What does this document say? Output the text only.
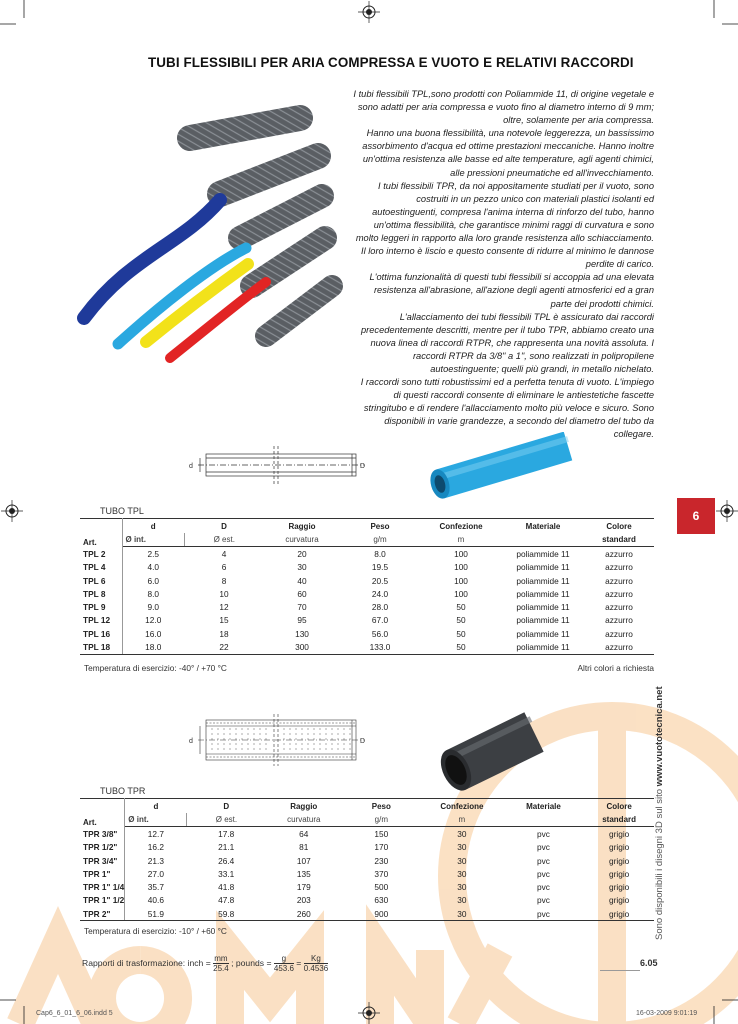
TUBI FLESSIBILI PER ARIA COMPRESSA E VUOTO E RELATIVI RACCORDI

I tubi flessibili TPL,sono prodotti con Poliammide 11, di origine vegetale e sono adatti per aria compressa e vuoto fino al diametro interno di 9 mm; oltre, solamente per aria compressa.

Hanno una buona flessibilità, una notevole leggerezza, un bassissimo assorbimento d'acqua ed ottime prestazioni meccaniche. Hanno inoltre un'ottima resistenza alle basse ed alte temperature, agli agenti chimici, alle pressioni pneumatiche ed all'invecchiamento.

I tubi flessibili TPR, da noi appositamente studiati per il vuoto, sono costruiti in un pezzo unico con materiali plastici isolanti ed autoestinguenti, compresa l'anima interna di rinforzo del tubo, hanno un'ottima flessibilità, che garantisce minimi raggi di curvatura e sono molto leggeri in rapporto alla loro grande resistenza allo schiacciamento.

Il loro interno è liscio e questo consente di ridurre al minimo le dannose perdite di carico.

L'ottima funzionalità di questi tubi flessibili si accoppia ad una elevata resistenza all'abrasione, all'azione degli agenti atmosferici ed a gran parte dei prodotti chimici.

L'allacciamento dei tubi flessibili TPL è assicurato dai raccordi precedentemente descritti, mentre per il tubo TPR, abbiamo creato una nuova linea di raccordi RTPR, che rappresenta una novità assoluta. I raccordi RTPR da 3/8" a 1", sono realizzati in polipropilene autoestinguente; quelli più grandi, in metallo nichelato.

I raccordi sono tutti robustissimi ed a perfetta tenuta di vuoto. L'impiego di questi raccordi consente di eliminare le antiestetiche fascette stringitubo e di rendere l'allacciamento molto più veloce e sicuro. Sono disponibili in varie grandezze, a secondo del diametro del tubo da collegare.

6
d	D
TUBO TPL
Art.	d	D	Raggio	Peso	Confezione	Materiale	Colore
	Ø int.	Ø est.	curvatura	g/m	m		standard
TPL 2	2.5	4	20	8.0	100	poliammide 11	azzurro
TPL 4	4.0	6	30	19.5	100	poliammide 11	azzurro
TPL 6	6.0	8	40	20.5	100	poliammide 11	azzurro
TPL 8	8.0	10	60	24.0	100	poliammide 11	azzurro
TPL 9	9.0	12	70	28.0	50	poliammide 11	azzurro
TPL 12	12.0	15	95	67.0	50	poliammide 11	azzurro
TPL 16	16.0	18	130	56.0	50	poliammide 11	azzurro
TPL 18	18.0	22	300	133.0	50	poliammide 11	azzurro
Temperatura di esercizio: -40° / +70 °C	Altri colori a richiesta
d	D
TUBO TPR
Art.	d	D	Raggio	Peso	Confezione	Materiale	Colore
	Ø int.	Ø est.	curvatura	g/m	m		standard
TPR 3/8"	12.7	17.8	64	150	30	pvc	grigio
TPR 1/2"	16.2	21.1	81	170	30	pvc	grigio
TPR 3/4"	21.3	26.4	107	230	30	pvc	grigio
TPR 1"	27.0	33.1	135	370	30	pvc	grigio
TPR 1" 1/4	35.7	41.8	179	500	30	pvc	grigio
TPR 1" 1/2	40.6	47.8	203	630	30	pvc	grigio
TPR 2"	51.9	59.8	260	900	30	pvc	grigio
Temperatura di esercizio: -10° / +60 °C
Rapporti di trasformazione: inch = $\frac{mm}{25.4}$ ; pounds = $\frac{g}{453.6} = \frac{Kg}{0.4536}$
Sono disponibili i disegni 3D sul sito www.vuototecnica.net
6.05
Cap6_6_01_6_06.indd 5	16-03-2009 9:01:19
